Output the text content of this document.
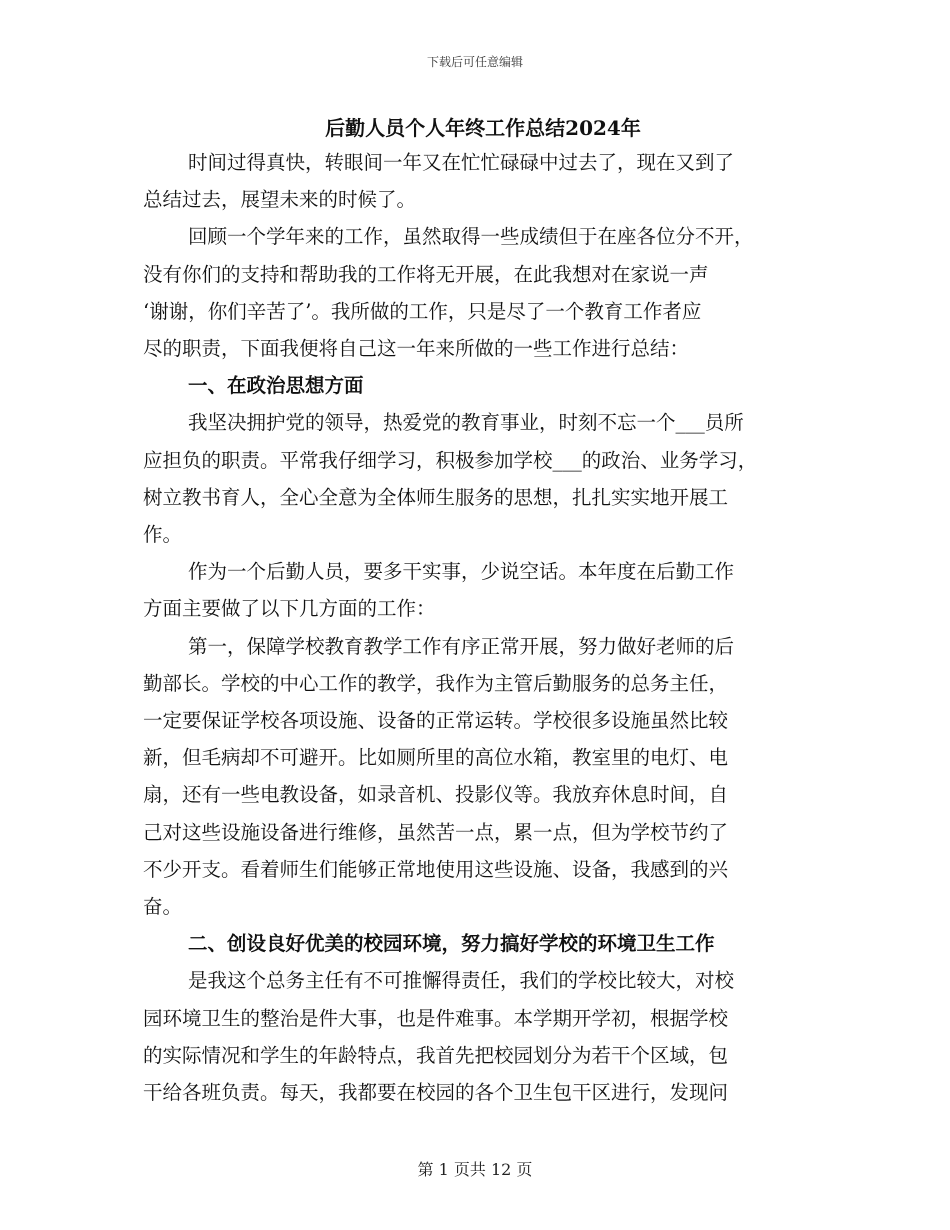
下载后可任意编辑

后勤人员个人年终工作总结2024年

时间过得真快，转眼间一年又在忙忙碌碌中过去了，现在又到了

总结过去，展望未来的时候了。

回顾一个学年来的工作，虽然取得一些成绩但于在座各位分不开，

没有你们的支持和帮助我的工作将无开展，在此我想对在家说一声

‘谢谢，你们辛苦了’。我所做的工作，只是尽了一个教育工作者应

尽的职责，下面我便将自己这一年来所做的一些工作进行总结：

一、在政治思想方面

我坚决拥护党的领导，热爱党的教育事业，时刻不忘一个___员所

应担负的职责。平常我仔细学习，积极参加学校___的政治、业务学习，

树立教书育人，全心全意为全体师生服务的思想，扎扎实实地开展工

作。

作为一个后勤人员，要多干实事，少说空话。本年度在后勤工作

方面主要做了以下几方面的工作：

第一，保障学校教育教学工作有序正常开展，努力做好老师的后

勤部长。学校的中心工作的教学，我作为主管后勤服务的总务主任，

一定要保证学校各项设施、设备的正常运转。学校很多设施虽然比较

新，但毛病却不可避开。比如厕所里的高位水箱，教室里的电灯、电

扇，还有一些电教设备，如录音机、投影仪等。我放弃休息时间，自

己对这些设施设备进行维修，虽然苦一点，累一点，但为学校节约了

不少开支。看着师生们能够正常地使用这些设施、设备，我感到的兴

奋。

二、创设良好优美的校园环境，努力搞好学校的环境卫生工作

是我这个总务主任有不可推懈得责任，我们的学校比较大，对校

园环境卫生的整治是件大事，也是件难事。本学期开学初，根据学校

的实际情况和学生的年龄特点，我首先把校园划分为若干个区域，包

干给各班负责。每天，我都要在校园的各个卫生包干区进行，发现问

第 1 页共 12 页
